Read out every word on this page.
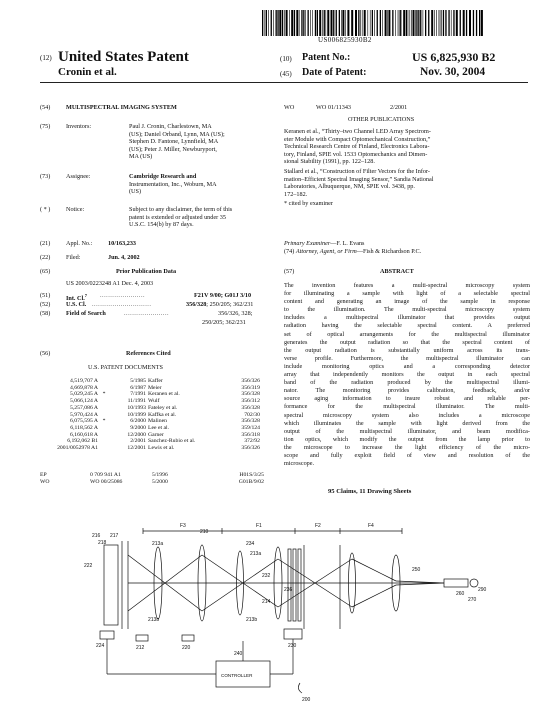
US006825930B2
(12) United States Patent
Cronin et al.
(10) Patent No.:	US 6,825,930 B2
(45) Date of Patent:	Nov. 30, 2004
(54)	MULTISPECTRAL IMAGING SYSTEM
(75)	Inventors:	Paul J. Cronin, Charlestown, MA
(US); Daniel Orband, Lynn, MA (US);
Stephen D. Fantone, Lynnfield, MA
(US); Peter J. Miller, Newburyport,
MA (US)
(73)	Assignee:	Cambridge Research and
Instrumentation, Inc., Woburn, MA
(US)
( * )	Notice:	Subject to any disclaimer, the term of this
patent is extended or adjusted under 35
U.S.C. 154(b) by 87 days.
(21)	Appl. No.:	10/163,233
(22)	Filed:	Jun. 4, 2002
(65)	Prior Publication Data
US 2003/0223248 A1 Dec. 4, 2003
(51)	Int. Cl.$^7$ ......................	F21V 9/00; G01J 3/10
(52)	U.S. Cl. .............................	356/328; 250/205; 362/231
(58)	Field of Search	......................	356/326, 328;
250/205; 362/231
(56)	References Cited
U.S. PATENT DOCUMENTS
4,519,707 A		5/1985	Kaffer	356/326
4,669,878 A		6/1987	Meier	356/319
5,029,245 A	*	7/1991	Keranen et al.	356/328
5,066,124 A		11/1991	Wulf	356/312
5,257,086 A		10/1993	Fateley et al.	356/328
5,970,424 A		10/1999	Kaffka et al.	702/30
6,075,595 A	*	6/2000	Malinen	356/328
6,118,562 A		9/2000	Lee et al.	359/124
6,160,618 A		12/2000	Garner	356/318
6,192,062 B1		2/2001	Sanchez-Rubio et al.	372/92
2001/0052978 A1		12/2001	Lewis et al.	356/326
EP	0 709 941 A1	5/1996	H01S/3/25
WO	WO 00/25086	5/2000	G01B/9/02
WO	WO 01/11343	2/2001
OTHER PUBLICATIONS
Keranen et al., “Thirty–two Channel LED Array Spectrom-
eter Module with Compact Optomechanical Construction,”
Technical Research Centre of Finland, Electronics Labora-
tory, Finland, SPIE vol. 1533 Optomechanics and Dimen-
sional Stability (1991), pp. 122–128.
Stallard et al., “Construction of Filter Vectors for the Infor-
mation–Efficient Spectral Imaging Sensor,” Sandia National
Laboratories, Albuquerque, NM, SPIE vol. 3438, pp.
172–182.
* cited by examiner
Primary Examiner—F. L. Evans
(74) Attorney, Agent, or Firm—Fish & Richardson P.C.
(57)	ABSTRACT
The invention features a multi-spectral microscopy system
for illuminating a sample with light of a selectable spectral
content and generating an image of the sample in response
to the illumination. The multi-spectral microscopy system
includes a multispectral illuminator that provides output
radiation having the selectable spectral content. A preferred
set of optical arrangements for the multispectral illuminator
generates the output radiation so that the spectral content of
the output radiation is substantially uniform across its trans-
verse profile. Furthermore, the multispectral illuminator can
include monitoring optics and a corresponding detector
array that independently monitors the output in each spectral
band of the radiation produced by the multispectral illumi-
nator. The monitoring provides calibration, feedback, and/or
source aging information to insure robust and reliable per-
formance for the multispectral illuminator. The multi-
spectral microscopy system also includes a microscope
which illuminates the sample with light derived from the
output of the multispectral illuminator, and beam modifica-
tion optics, which modify the output from the lamp prior to
the microscope to increase the light efficiency of the micro-
scope and fully exploit field of view and resolution of the
microscope.
95 Claims, 11 Drawing Sheets
F3	F1	F2	F4
216 217
218
222
213a
210
234
213a
232
236
214
213b	213b
250
260
290
270
224	212	220
240
230
CONTROLLER
200
